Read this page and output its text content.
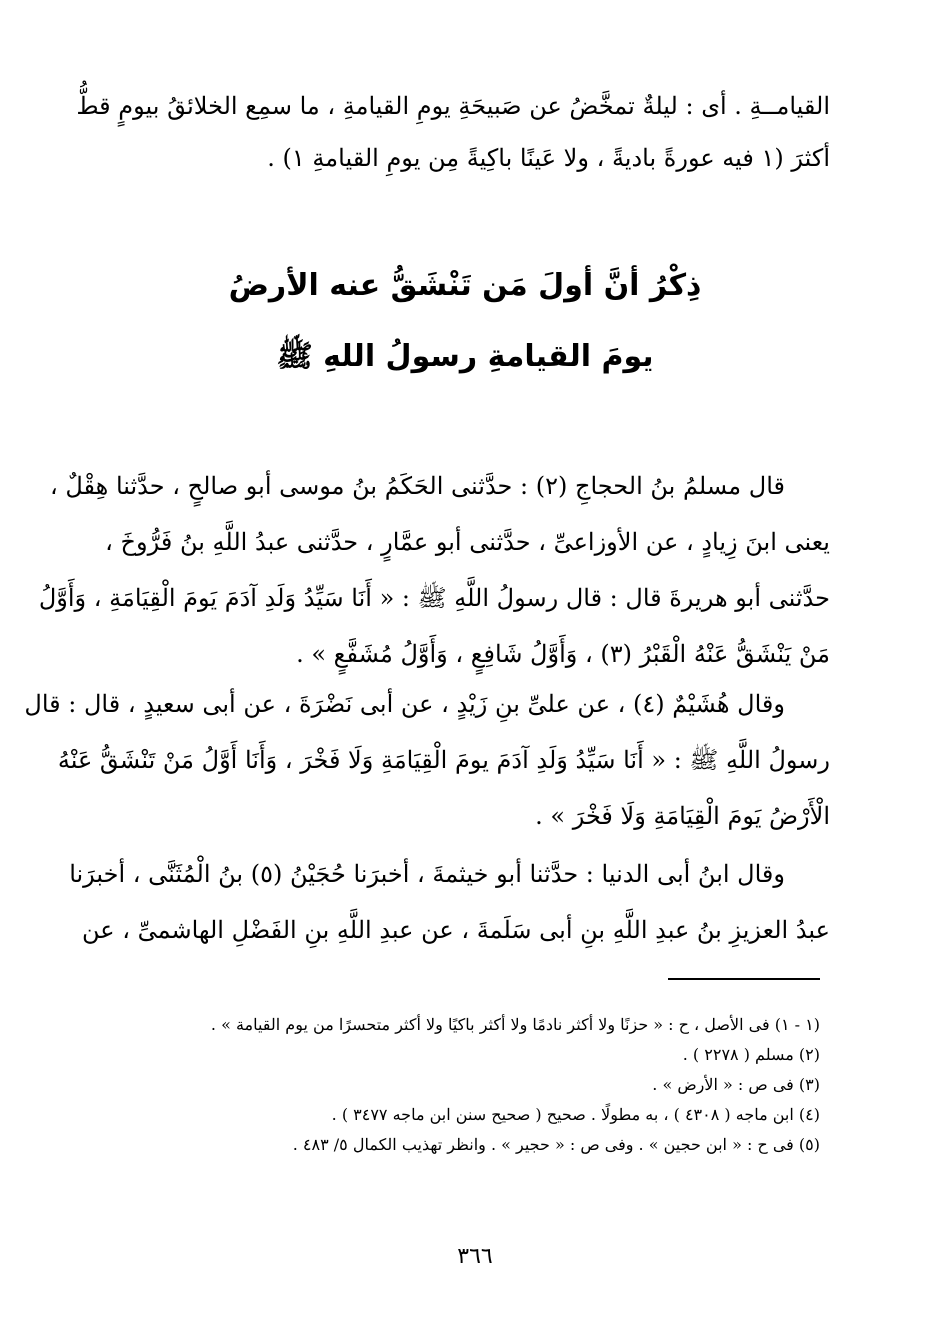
القيامــةِ . أى : ليلةٌ تمخَّضُ عن صَبيحَةِ يومِ القيامةِ ، ما سمِع الخلائقُ بيومٍ قطُّ
أكثرَ (١ فيه عورةً باديةً ، ولا عَينًا باكِيةً مِن يومِ القيامةِ ١) .
ذِكْرُ أنَّ أولَ مَن تَنْشَقُّ عنه الأرضُ
يومَ القيامةِ رسولُ اللهِ ﷺ
قال مسلمُ بنُ الحجاجِ (٢) : حدَّثنى الحَكَمُ بنُ موسى أبو صالحٍ ، حدَّثنا هِقْلٌ ،
يعنى ابنَ زِيادٍ ، عن الأوزاعىِّ ، حدَّثنى أبو عمَّارٍ ، حدَّثنى عبدُ اللَّهِ بنُ فَرُّوخَ ،
حدَّثنى أبو هريرةَ قال : قال رسولُ اللَّهِ ﷺ : « أَنَا سَيِّدُ وَلَدِ آدَمَ يَومَ الْقِيَامَةِ ، وَأَوَّلُ
مَنْ يَنْشَقُّ عَنْهُ الْقَبْرُ (٣) ، وَأَوَّلُ شَافِعٍ ، وَأَوَّلُ مُشَفَّعٍ » .
وقال هُشَيْمٌ (٤) ، عن علىِّ بنِ زَيْدٍ ، عن أبى نَضْرَةَ ، عن أبى سعيدٍ ، قال : قال
رسولُ اللَّهِ ﷺ : « أَنَا سَيِّدُ وَلَدِ آدَمَ يومَ الْقِيَامَةِ وَلَا فَخْرَ ، وَأَنَا أَوَّلُ مَنْ تَنْشَقُّ عَنْهُ
الْأَرْضُ يَومَ الْقِيَامَةِ وَلَا فَخْرَ » .
وقال ابنُ أبى الدنيا : حدَّثنا أبو خيثمةَ ، أخبرَنا حُجَيْنُ (٥) بنُ الْمُثَنَّى ، أخبرَنا
عبدُ العزيزِ بنُ عبدِ اللَّهِ بنِ أبى سَلَمةَ ، عن عبدِ اللَّهِ بنِ الفَضْلِ الهاشمىِّ ، عن
(١ - ١) فى الأصل ، ح : « حزنًا ولا أكثر نادمًا ولا أكثر باكيًا ولا أكثر متحسرًا من يوم القيامة » .
(٢) مسلم ( ٢٢٧٨ ) .
(٣) فى ص : « الأرض » .
(٤) ابن ماجه ( ٤٣٠٨ ) ، به مطولًا . صحيح ( صحيح سنن ابن ماجه ٣٤٧٧ ) .
(٥) فى ح : « ابن حجين » . وفى ص : « حجير » . وانظر تهذيب الكمال ٥/ ٤٨٣ .
٣٦٦
